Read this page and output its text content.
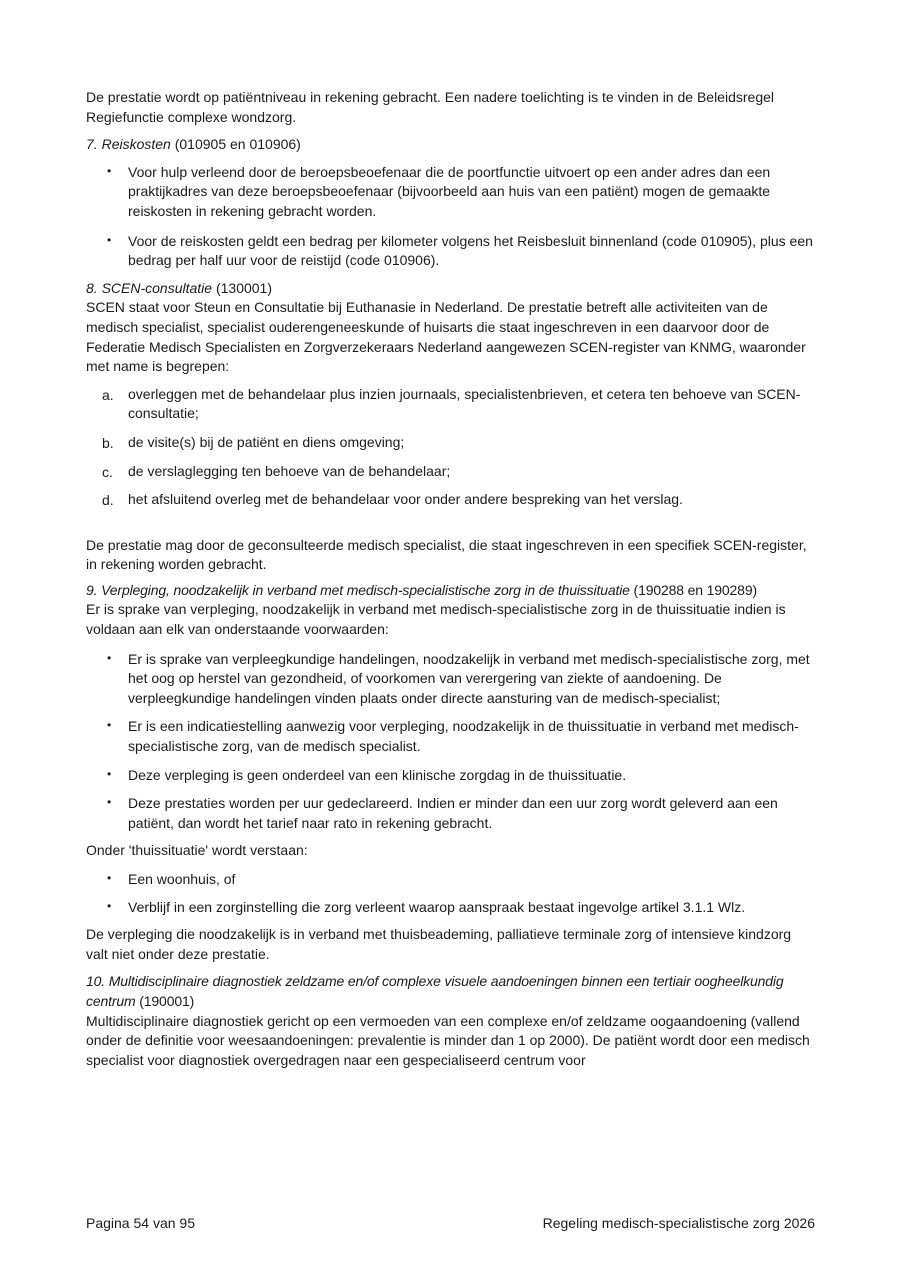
De prestatie wordt op patiëntniveau in rekening gebracht. Een nadere toelichting is te vinden in de Beleidsregel Regiefunctie complexe wondzorg.

7. Reiskosten (010905 en 010906)

• Voor hulp verleend door de beroepsbeoefenaar die de poortfunctie uitvoert op een ander adres dan een praktijkadres van deze beroepsbeoefenaar (bijvoorbeeld aan huis van een patiënt) mogen de gemaakte reiskosten in rekening gebracht worden.
• Voor de reiskosten geldt een bedrag per kilometer volgens het Reisbesluit binnenland (code 010905), plus een bedrag per half uur voor de reistijd (code 010906).
8. SCEN-consultatie (130001)
SCEN staat voor Steun en Consultatie bij Euthanasie in Nederland. De prestatie betreft alle activiteiten van de medisch specialist, specialist ouderengeneeskunde of huisarts die staat ingeschreven in een daarvoor door de Federatie Medisch Specialisten en Zorgverzekeraars Nederland aangewezen SCEN-register van KNMG, waaronder met name is begrepen:
a. overleggen met de behandelaar plus inzien journaals, specialistenbrieven, et cetera ten behoeve van SCEN-consultatie;
b. de visite(s) bij de patiënt en diens omgeving;
c. de verslaglegging ten behoeve van de behandelaar;
d. het afsluitend overleg met de behandelaar voor onder andere bespreking van het verslag.

De prestatie mag door de geconsulteerde medisch specialist, die staat ingeschreven in een specifiek SCEN-register, in rekening worden gebracht.

9. Verpleging, noodzakelijk in verband met medisch-specialistische zorg in de thuissituatie (190288 en 190289)
Er is sprake van verpleging, noodzakelijk in verband met medisch-specialistische zorg in de thuissituatie indien is voldaan aan elk van onderstaande voorwaarden:
• Er is sprake van verpleegkundige handelingen, noodzakelijk in verband met medisch-specialistische zorg, met het oog op herstel van gezondheid, of voorkomen van verergering van ziekte of aandoening. De verpleegkundige handelingen vinden plaats onder directe aansturing van de medisch-specialist;
• Er is een indicatiestelling aanwezig voor verpleging, noodzakelijk in de thuissituatie in verband met medisch-specialistische zorg, van de medisch specialist.
• Deze verpleging is geen onderdeel van een klinische zorgdag in de thuissituatie.
• Deze prestaties worden per uur gedeclareerd. Indien er minder dan een uur zorg wordt geleverd aan een patiënt, dan wordt het tarief naar rato in rekening gebracht.

Onder 'thuissituatie' wordt verstaan:

• Een woonhuis, of
• Verblijf in een zorginstelling die zorg verleent waarop aanspraak bestaat ingevolge artikel 3.1.1 Wlz.

De verpleging die noodzakelijk is in verband met thuisbeademing, palliatieve terminale zorg of intensieve kindzorg valt niet onder deze prestatie.

10. Multidisciplinaire diagnostiek zeldzame en/of complexe visuele aandoeningen binnen een tertiair oogheelkundig centrum (190001)
Multidisciplinaire diagnostiek gericht op een vermoeden van een complexe en/of zeldzame oogaandoening (vallend onder de definitie voor weesaandoeningen: prevalentie is minder dan 1 op 2000). De patiënt wordt door een medisch specialist voor diagnostiek overgedragen naar een gespecialiseerd centrum voor
Pagina 54 van 95	Regeling medisch-specialistische zorg 2026
